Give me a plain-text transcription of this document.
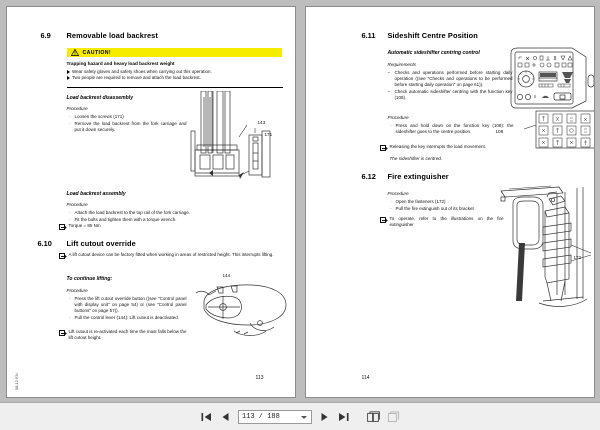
6.9 Removable load backrest
CAUTION!
Trapping hazard and heavy load backrest weight
Wear safety gloves and safety shoes when carrying out this operation.
Two people are required to remove and attach the load backrest.
Load backrest disassembly
Procedure
· Loosen the screws (171)

· Remove the load backrest from the fork carriage and put it down securely.

143
171
Load backrest assembly
Procedure
· Attach the load backrest to the top rail of the fork carriage.

· Fit the bolts and tighten them with a torque wrench.

Torque = 85 Nm
6.10 Lift cutout override
A lift cutout device can be factory fitted when working in areas of restricted height. This interrupts lifting.
To continue lifting:
Procedure
· Press the lift cutout override button ((see "Control panel with display unit" on page 54) or (see "Control panel buttons" on page 57)).

· Pull the control lever (144): Lift cutout is deactivated.

Lift cutout is re-activated each time the mast falls below the lift cutout height.
144
08.12 EN	113
6.11 Sideshift Centre Position
Automatic sideshifter centring control
Requirements
– Checks and operations performed before starting daily operation ((see "Checks and operations to be performed before starting daily operation" on page 61)).

– Check automatic sideshifter centring with the function key (108).

Procedure
· Press and hold down on the function key (108): the sideshifter goes to the centre position.

Releasing the key interrupts the load movement.
The sideshifter is centred.
108
6.12 Fire extinguisher
Procedure
· Open the fasteners (172)

· Pull the fire extinguish out of its bracket

To operate, refer to the illustrations on the fire extinguisher
172
114
113 / 188
